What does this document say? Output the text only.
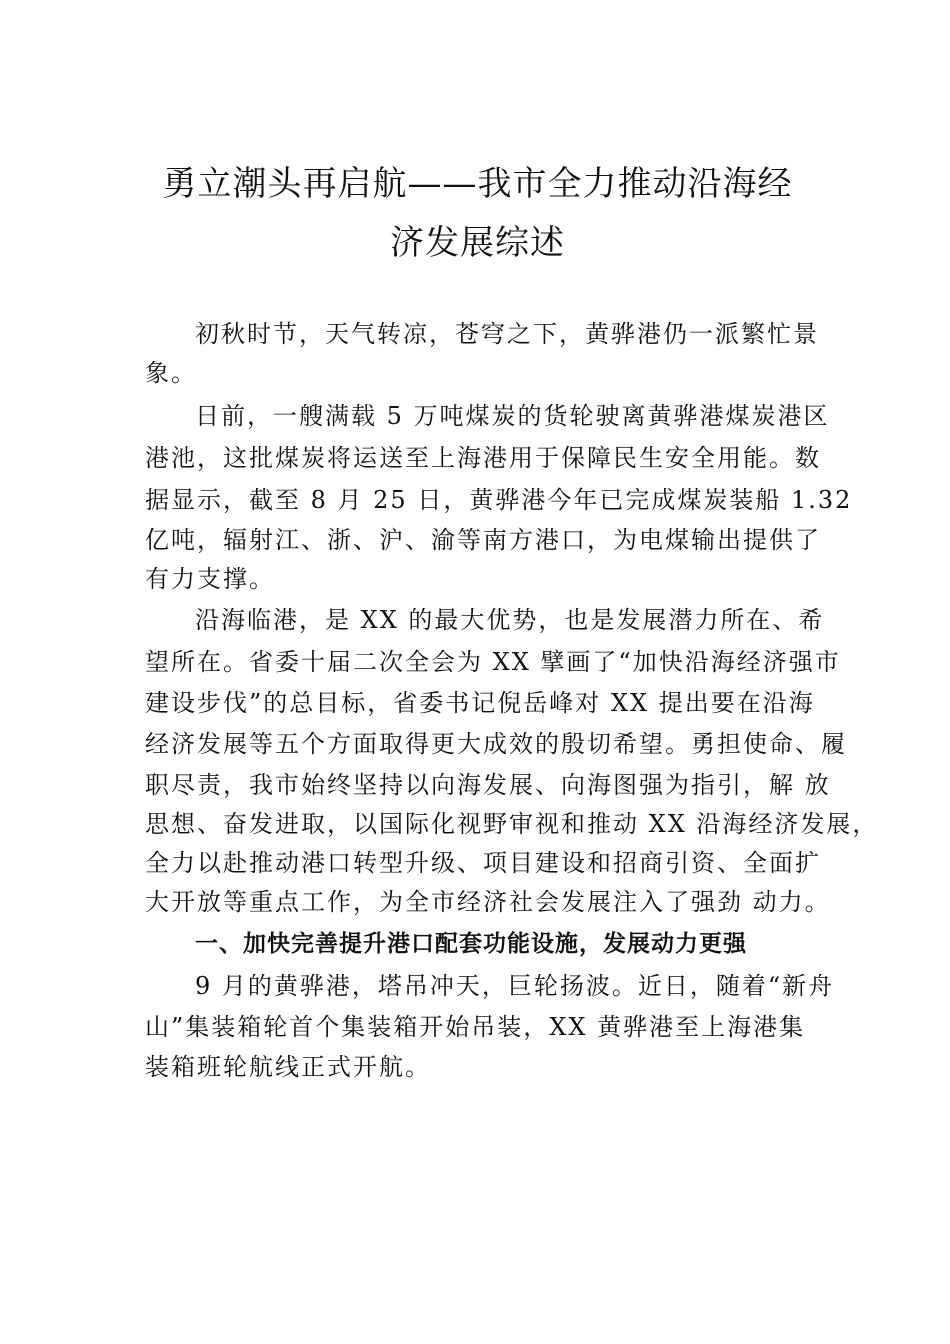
勇立潮头再启航——我市全力推动沿海经
济发展综述
初秋时节，天气转凉，苍穹之下，黄骅港仍一派繁忙景
象。
日前，一艘满载 5 万吨煤炭的货轮驶离黄骅港煤炭港区
港池，这批煤炭将运送至上海港用于保障民生安全用能。数
据显示，截至 8 月 25 日，黄骅港今年已完成煤炭装船 1.32
亿吨，辐射江、浙、沪、渝等南方港口，为电煤输出提供了
有力支撑。
沿海临港，是 XX 的最大优势，也是发展潜力所在、希
望所在。省委十届二次全会为 XX 擘画了“加快沿海经济强市
建设步伐”的总目标，省委书记倪岳峰对 XX 提出要在沿海
经济发展等五个方面取得更大成效的殷切希望。勇担使命、履
职尽责，我市始终坚持以向海发展、向海图强为指引，解 放
思想、奋发进取，以国际化视野审视和推动 XX 沿海经济发展，
全力以赴推动港口转型升级、项目建设和招商引资、全面扩
大开放等重点工作，为全市经济社会发展注入了强劲 动力。
一、加快完善提升港口配套功能设施，发展动力更强
9 月的黄骅港，塔吊冲天，巨轮扬波。近日，随着“新舟
山”集装箱轮首个集装箱开始吊装，XX 黄骅港至上海港集
装箱班轮航线正式开航。
